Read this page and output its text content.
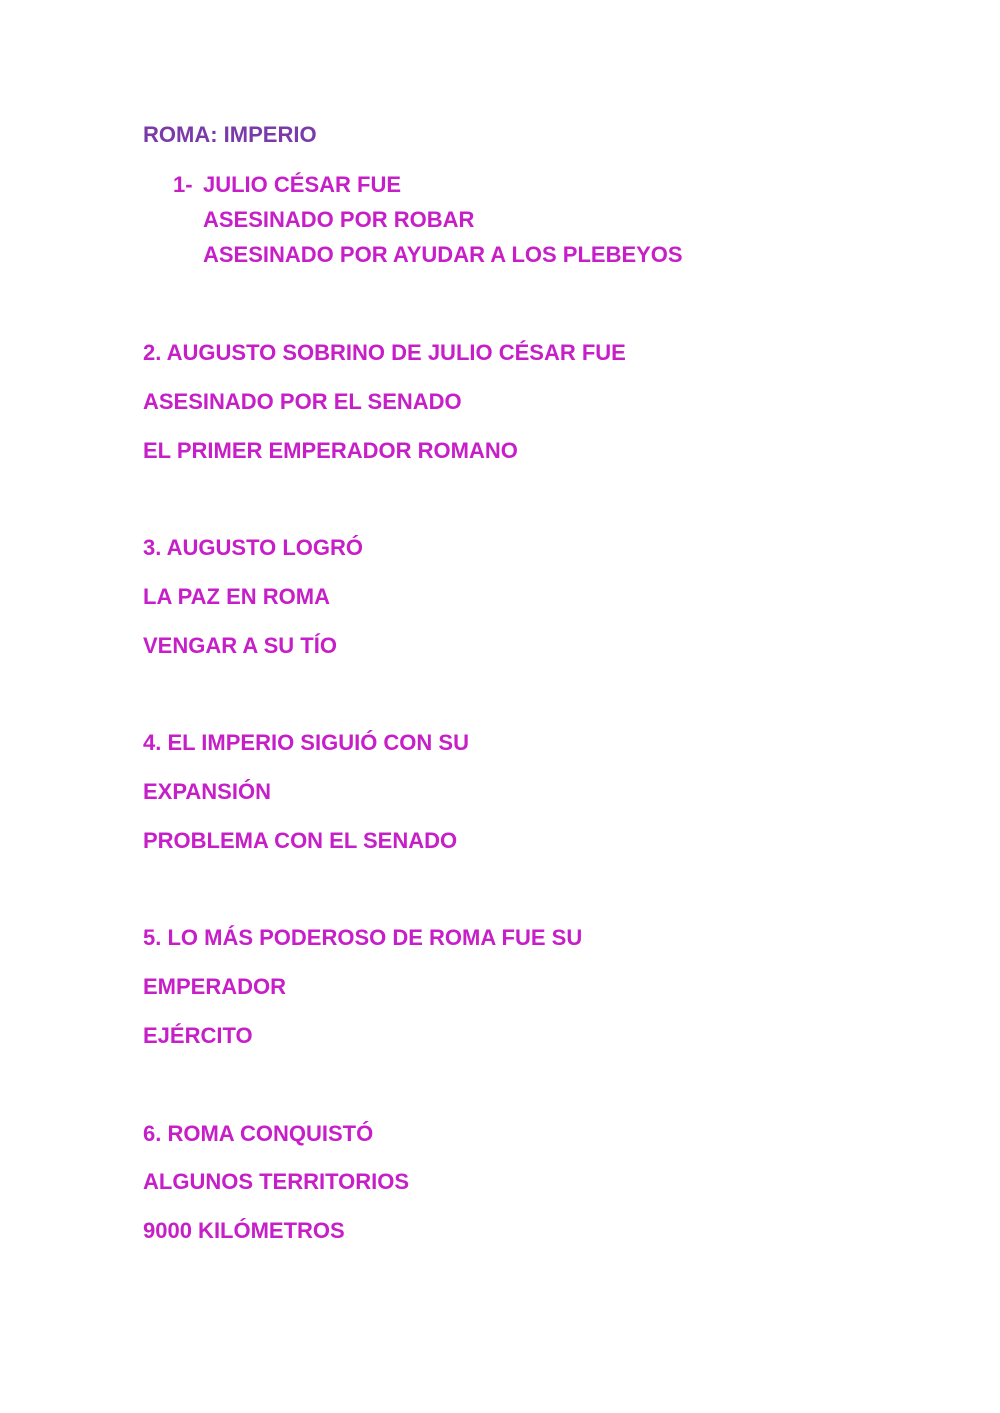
ROMA: IMPERIO
1- JULIO CÉSAR FUE
ASESINADO POR ROBAR
ASESINADO POR AYUDAR A LOS PLEBEYOS
2. AUGUSTO SOBRINO DE JULIO CÉSAR FUE
ASESINADO POR EL SENADO
EL PRIMER EMPERADOR ROMANO
3. AUGUSTO LOGRÓ
LA PAZ EN ROMA
VENGAR A SU TÍO
4. EL IMPERIO SIGUIÓ CON SU
EXPANSIÓN
PROBLEMA CON EL SENADO
5. LO MÁS PODEROSO DE ROMA FUE SU
EMPERADOR
EJÉRCITO
6. ROMA CONQUISTÓ
ALGUNOS TERRITORIOS
9000 KILÓMETROS
